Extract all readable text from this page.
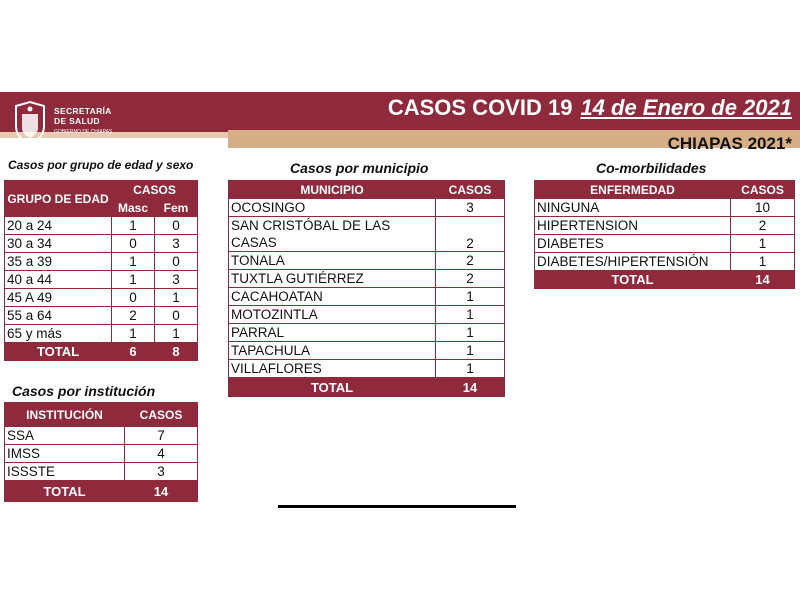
SECRETARÍA
DE SALUD
GOBIERNO DE CHIAPAS
CASOS COVID 19 14 de Enero de 2021
CHIAPAS 2021*
Casos por grupo de edad y sexo
GRUPO DE EDAD	CASOS	
	Masc	Fem
20 a 24	1	0
30 a 34	0	3
35 a 39	1	0
40 a 44	1	3
45 A 49	0	1
55 a 64	2	0
65 y más	1	1
TOTAL	6	8
Casos por institución
INSTITUCIÓN	CASOS
SSA	7
IMSS	4
ISSSTE	3
TOTAL	14
Casos por municipio
MUNICIPIO	CASOS
OCOSINGO	3

SAN CRISTÓBAL DE LAS
CASAS	2
TONALA	2
TUXTLA GUTIÉRREZ	2
CACAHOATAN	1
MOTOZINTLA	1
PARRAL	1
TAPACHULA	1
VILLAFLORES	1
TOTAL	14
Co-morbilidades
ENFERMEDAD	CASOS
NINGUNA	10
HIPERTENSION	2
DIABETES	1
DIABETES/HIPERTENSIÓN	1
TOTAL	14
